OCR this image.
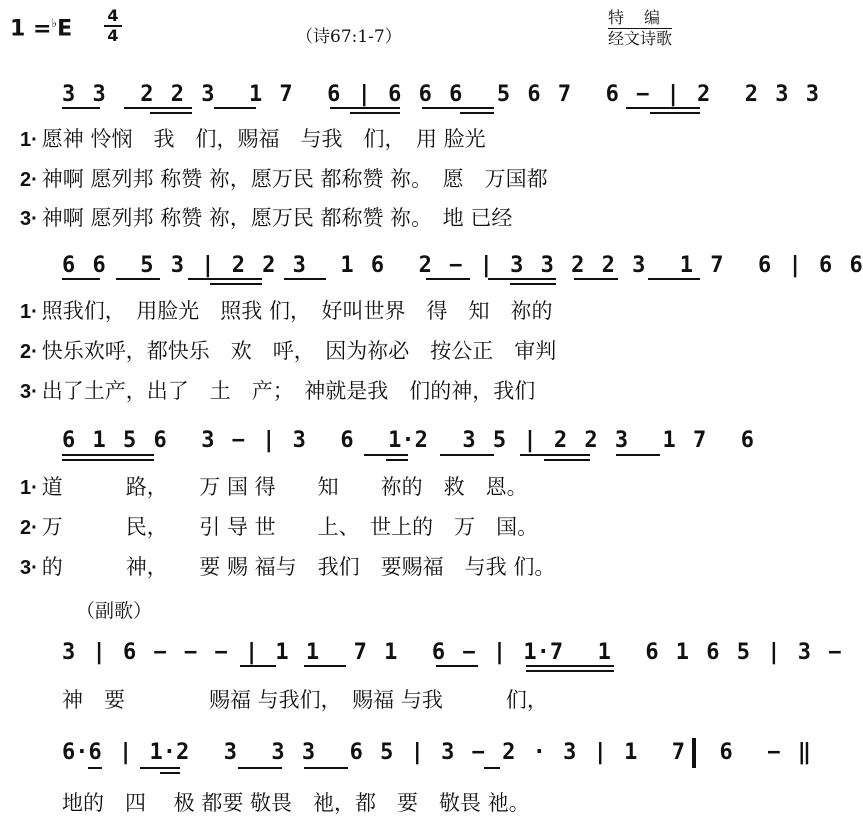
1 =♭E
4
4	（诗67:1-7）
特　编
经文诗歌
3 3  2 2 3  1 7  6 | 6 6 6  5 6 7  6 − | 2  2 3 3
1· 愿神 怜悯　我　们，赐福　与我　们，　用 脸光
2· 神啊 愿列邦 称赞 祢，愿万民 都称赞 祢。　愿　万国都
3· 神啊 愿列邦 称赞 祢，愿万民 都称赞 祢。　地 已经
6 6  5 3 | 2 2 3  1 6  2 − | 3 3 2 2 3  1 7  6 | 6 6
1· 照我们，　用脸光　照我 们，　好叫世界　得　知　祢的
2· 快乐欢呼，都快乐　欢　呼，　因为祢必　按公正　审判
3· 出了土产，出了　土　产；　神就是我　们的神，我们
6 1 5 6  3 − | 3  6  1·2  3 5 | 2 2 3  1 7  6
1· 道　　　路，　　万 国 得　　知　　祢的　救　恩。
2· 万　　　民，　　引 导 世　　上、　世上的　万　国。
3· 的　　　神，　　要 赐 福与　我们　要赐福　与我 们。
（副歌）
3 | 6 − − − | 1 1  7 1  6 − | 1·7  1  6 1 6 5 | 3 −
神　要　　　　赐福 与我们，　赐福 与我　　　们，
6·6 | 1·2  3  3 3  6 5 | 3 − 2 · 3 | 1  7  6  − ‖
地的　四　 极 都要 敬畏　祂，都　要　敬畏 祂。
